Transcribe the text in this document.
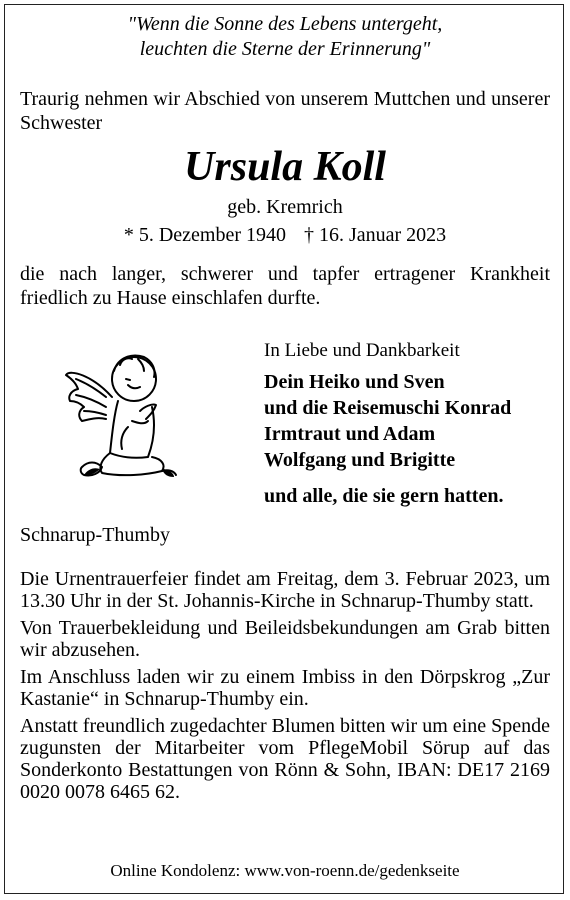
"Wenn die Sonne des Lebens untergeht,
leuchten die Sterne der Erinnerung"
Traurig nehmen wir Abschied von unserem Muttchen und unserer Schwester
Ursula Koll
geb. Kremrich
* 5. Dezember 1940 † 16. Januar 2023
die nach langer, schwerer und tapfer ertragener Krankheit friedlich zu Hause einschlafen durfte.
In Liebe und Dankbarkeit
Dein Heiko und Sven
und die Reisemuschi Konrad
Irmtraut und Adam
Wolfgang und Brigitte
und alle, die sie gern hatten.
Schnarup-Thumby

Die Urnentrauerfeier findet am Freitag, dem 3. Februar 2023, um 13.30 Uhr in der St. Johannis-Kirche in Schnarup-Thumby statt.

Von Trauerbekleidung und Beileidsbekundungen am Grab bitten wir abzusehen.

Im Anschluss laden wir zu einem Imbiss in den Dörpskrog „Zur Kastanie“ in Schnarup-Thumby ein.

Anstatt freundlich zugedachter Blumen bitten wir um eine Spende zugunsten der Mitarbeiter vom PflegeMobil Sörup auf das Sonderkonto Bestattungen von Rönn & Sohn, IBAN: DE17 2169 0020 0078 6465 62.

Online Kondolenz: www.von-roenn.de/gedenkseite
